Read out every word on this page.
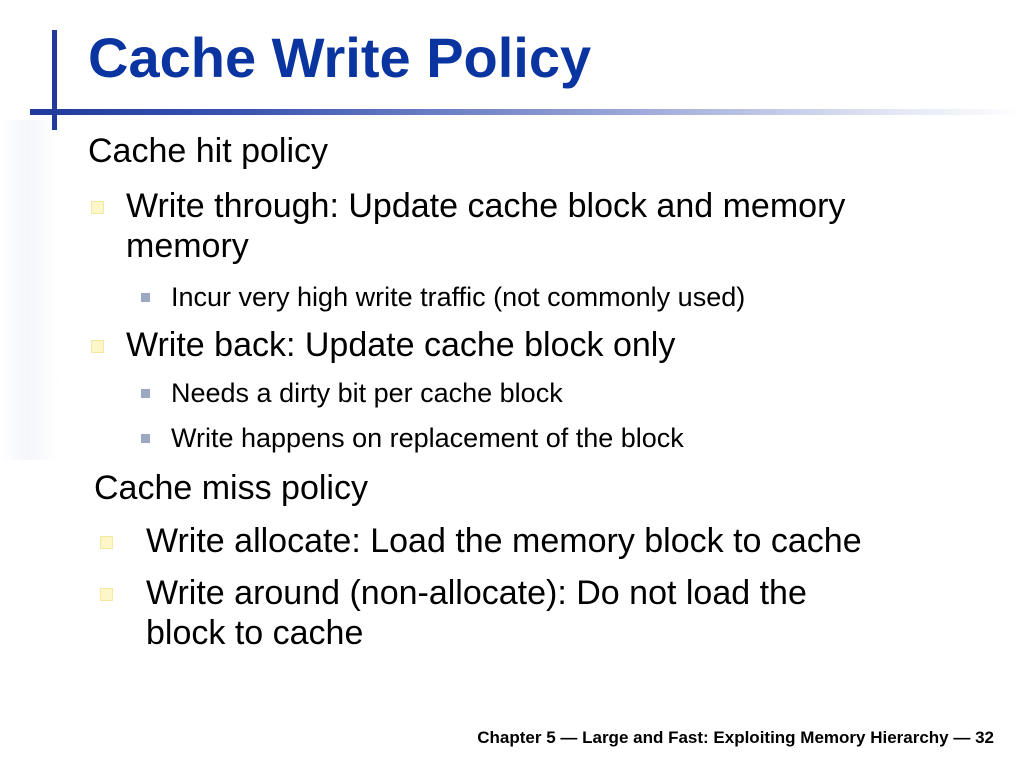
Cache Write Policy
Cache hit policy
Write through: Update cache block and memory
memory
Incur very high write traffic (not commonly used)
Write back: Update cache block only
Needs a dirty bit per cache block
Write happens on replacement of the block
Cache miss policy
Write allocate: Load the memory block to cache
Write around (non-allocate): Do not load the
block to cache
Chapter 5 — Large and Fast: Exploiting Memory Hierarchy — 32
